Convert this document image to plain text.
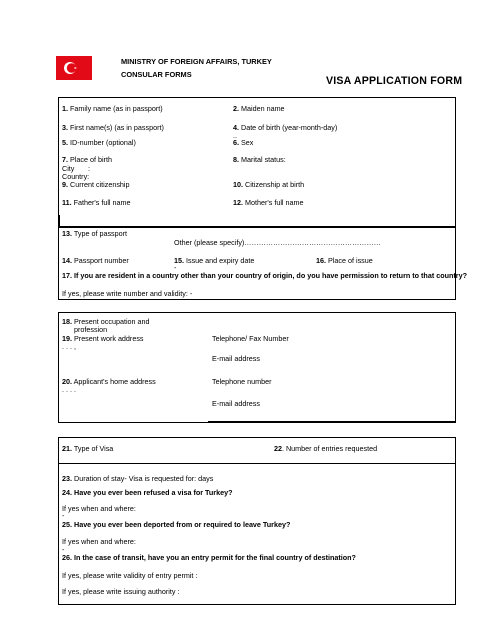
MINISTRY OF FOREIGN AFFAIRS, TURKEY
CONSULAR FORMS
VISA APPLICATION FORM
1. Family name (as in passport)	2. Maiden name
3. First name(s) (as in passport)	4. Date of birth (year-month-day)
..
5. ID-number (optional)	6. Sex
7. Place of birth	8. Marital status:
City :
Country:
9. Current citizenship	10. Citizenship at birth
11. Father's full name	12. Mother's full name
13. Type of passport
Other (please specify)…………………………………………………
14. Passport number	15. Issue and expiry date	16. Place of issue
-
17. If you are resident in a country other than your country of origin, do you have permission to return to that country?
If yes, please write number and validity: -
18. Present occupation and
profession
19. Present work address	Telephone/ Fax Number
. . . ,
E-mail address
20. Applicant's home address	Telephone number
. . . .
E-mail address
21. Type of Visa	22. Number of entries requested
23. Duration of stay- Visa is requested for: days
24. Have you ever been refused a visa for Turkey?
If yes when and where:
-
25. Have you ever been deported from or required to leave Turkey?
If yes when and where:
-
26. In the case of transit, have you an entry permit for the final country of destination?
If yes, please write validity of entry permit :
If yes, please write issuing authority :
